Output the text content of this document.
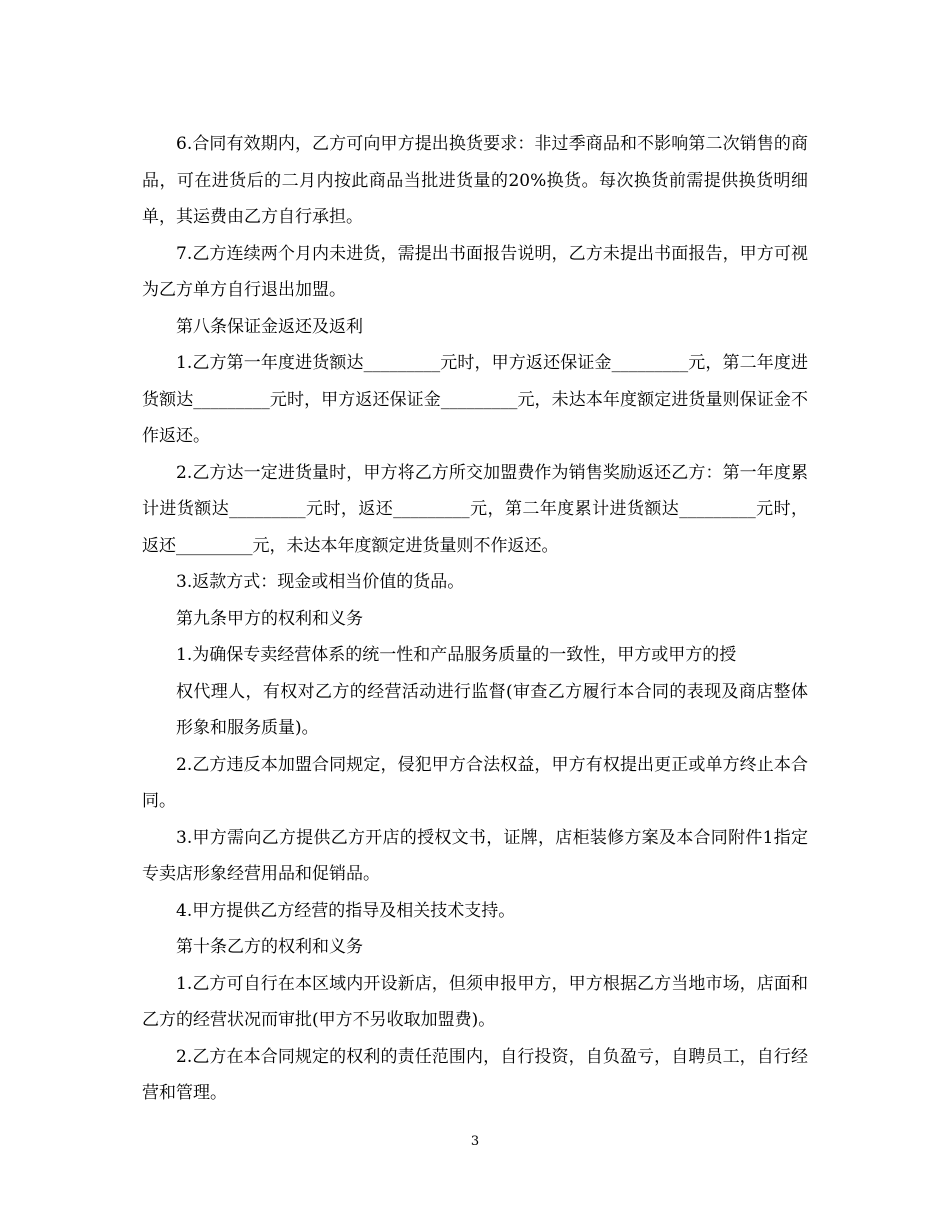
6.合同有效期内，乙方可向甲方提出换货要求：非过季商品和不影响第二次销售的商品，可在进货后的二月内按此商品当批进货量的20%换货。每次换货前需提供换货明细单，其运费由乙方自行承担。

7.乙方连续两个月内未进货，需提出书面报告说明，乙方未提出书面报告，甲方可视为乙方单方自行退出加盟。

第八条保证金返还及返利

1.乙方第一年度进货额达_________元时，甲方返还保证金_________元，第二年度进货额达_________元时，甲方返还保证金_________元，未达本年度额定进货量则保证金不作返还。

2.乙方达一定进货量时，甲方将乙方所交加盟费作为销售奖励返还乙方：第一年度累计进货额达_________元时，返还_________元，第二年度累计进货额达_________元时，返还_________元，未达本年度额定进货量则不作返还。

3.返款方式：现金或相当价值的货品。

第九条甲方的权利和义务

1.为确保专卖经营体系的统一性和产品服务质量的一致性，甲方或甲方的授

权代理人，有权对乙方的经营活动进行监督(审查乙方履行本合同的表现及商店整体形象和服务质量)。

2.乙方违反本加盟合同规定，侵犯甲方合法权益，甲方有权提出更正或单方终止本合同。

3.甲方需向乙方提供乙方开店的授权文书，证牌，店柜装修方案及本合同附件1指定专卖店形象经营用品和促销品。

4.甲方提供乙方经营的指导及相关技术支持。

第十条乙方的权利和义务

1.乙方可自行在本区域内开设新店，但须申报甲方，甲方根据乙方当地市场，店面和乙方的经营状况而审批(甲方不另收取加盟费)。

2.乙方在本合同规定的权利的责任范围内，自行投资，自负盈亏，自聘员工，自行经营和管理。

3
